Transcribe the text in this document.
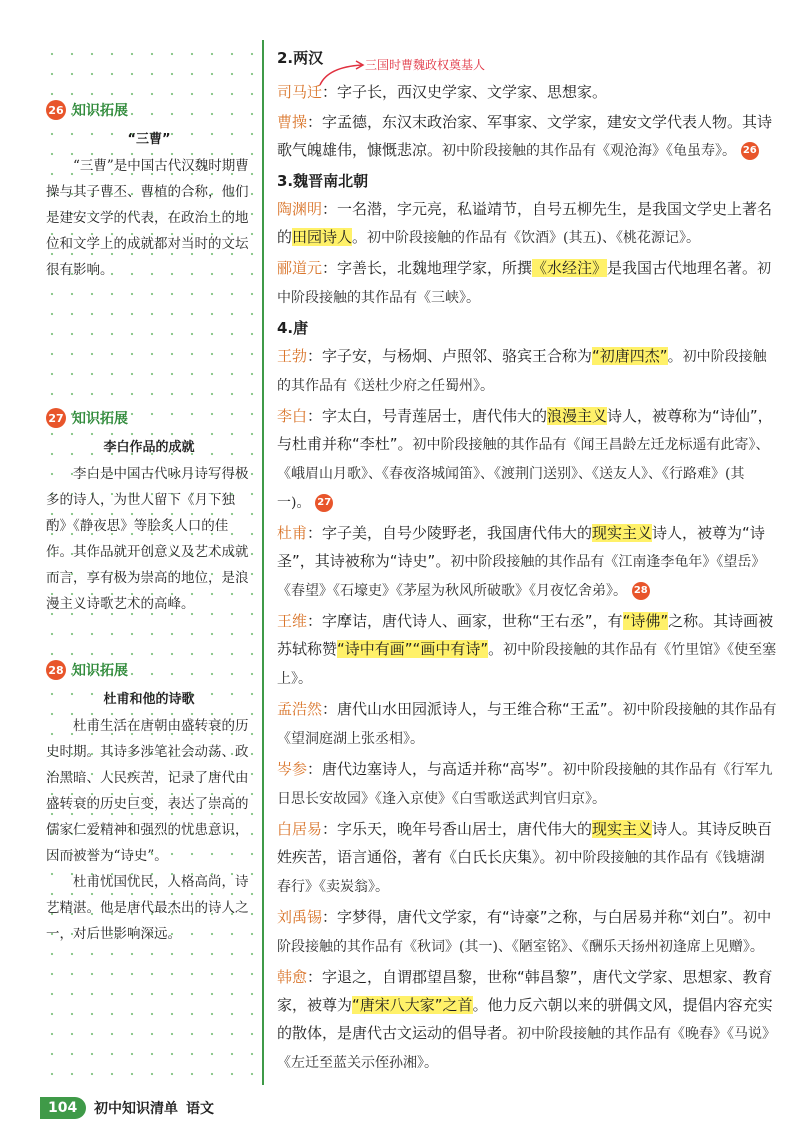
26 知识拓展
“三曹”

“三曹”是中国古代汉魏时期曹操与其子曹丕、曹植的合称，他们是建安文学的代表，在政治上的地位和文学上的成就都对当时的文坛很有影响。

27 知识拓展
李白作品的成就

李白是中国古代咏月诗写得极多的诗人，为世人留下《月下独酌》《静夜思》等脍炙人口的佳作。其作品就开创意义及艺术成就而言，享有极为崇高的地位，是浪漫主义诗歌艺术的高峰。

28 知识拓展
杜甫和他的诗歌

杜甫生活在唐朝由盛转衰的历史时期。其诗多涉笔社会动荡、政治黑暗、人民疾苦，记录了唐代由盛转衰的历史巨变，表达了崇高的儒家仁爱精神和强烈的忧患意识，因而被誉为“诗史”。

杜甫忧国忧民，人格高尚，诗艺精湛。他是唐代最杰出的诗人之一，对后世影响深远。

三国时曹魏政权奠基人

2.两汉

司马迁：字子长，西汉史学家、文学家、思想家。

曹操：字孟德，东汉末政治家、军事家、文学家，建安文学代表人物。其诗歌气魄雄伟，慷慨悲凉。初中阶段接触的其作品有《观沧海》《龟虽寿》。 26

3.魏晋南北朝

陶渊明：一名潜，字元亮，私谥靖节，自号五柳先生，是我国文学史上著名的田园诗人。初中阶段接触的作品有《饮酒》(其五)、《桃花源记》。

郦道元：字善长，北魏地理学家，所撰《水经注》是我国古代地理名著。初中阶段接触的其作品有《三峡》。

4.唐

王勃：字子安，与杨炯、卢照邻、骆宾王合称为“初唐四杰”。初中阶段接触的其作品有《送杜少府之任蜀州》。

李白：字太白，号青莲居士，唐代伟大的浪漫主义诗人，被尊称为“诗仙”，与杜甫并称“李杜”。初中阶段接触的其作品有《闻王昌龄左迁龙标遥有此寄》、《峨眉山月歌》、《春夜洛城闻笛》、《渡荆门送别》、《送友人》、《行路难》(其一)。 27

杜甫：字子美，自号少陵野老，我国唐代伟大的现实主义诗人，被尊为“诗圣”，其诗被称为“诗史”。初中阶段接触的其作品有《江南逢李龟年》《望岳》《春望》《石壕吏》《茅屋为秋风所破歌》《月夜忆舍弟》。 28

王维：字摩诘，唐代诗人、画家，世称“王右丞”，有“诗佛”之称。其诗画被苏轼称赞“诗中有画”“画中有诗”。初中阶段接触的其作品有《竹里馆》《使至塞上》。

孟浩然：唐代山水田园派诗人，与王维合称“王孟”。初中阶段接触的其作品有《望洞庭湖上张丞相》。

岑参：唐代边塞诗人，与高适并称“高岑”。初中阶段接触的其作品有《行军九日思长安故园》《逢入京使》《白雪歌送武判官归京》。

白居易：字乐天，晚年号香山居士，唐代伟大的现实主义诗人。其诗反映百姓疾苦，语言通俗，著有《白氏长庆集》。初中阶段接触的其作品有《钱塘湖春行》《卖炭翁》。

刘禹锡：字梦得，唐代文学家，有“诗豪”之称，与白居易并称“刘白”。初中阶段接触的其作品有《秋词》(其一)、《陋室铭》、《酬乐天扬州初逢席上见赠》。

韩愈：字退之，自谓郡望昌黎，世称“韩昌黎”，唐代文学家、思想家、教育家，被尊为“唐宋八大家”之首。他力反六朝以来的骈偶文风，提倡内容充实的散体，是唐代古文运动的倡导者。初中阶段接触的其作品有《晚春》《马说》《左迁至蓝关示侄孙湘》。

104	初中知识清单 语文
